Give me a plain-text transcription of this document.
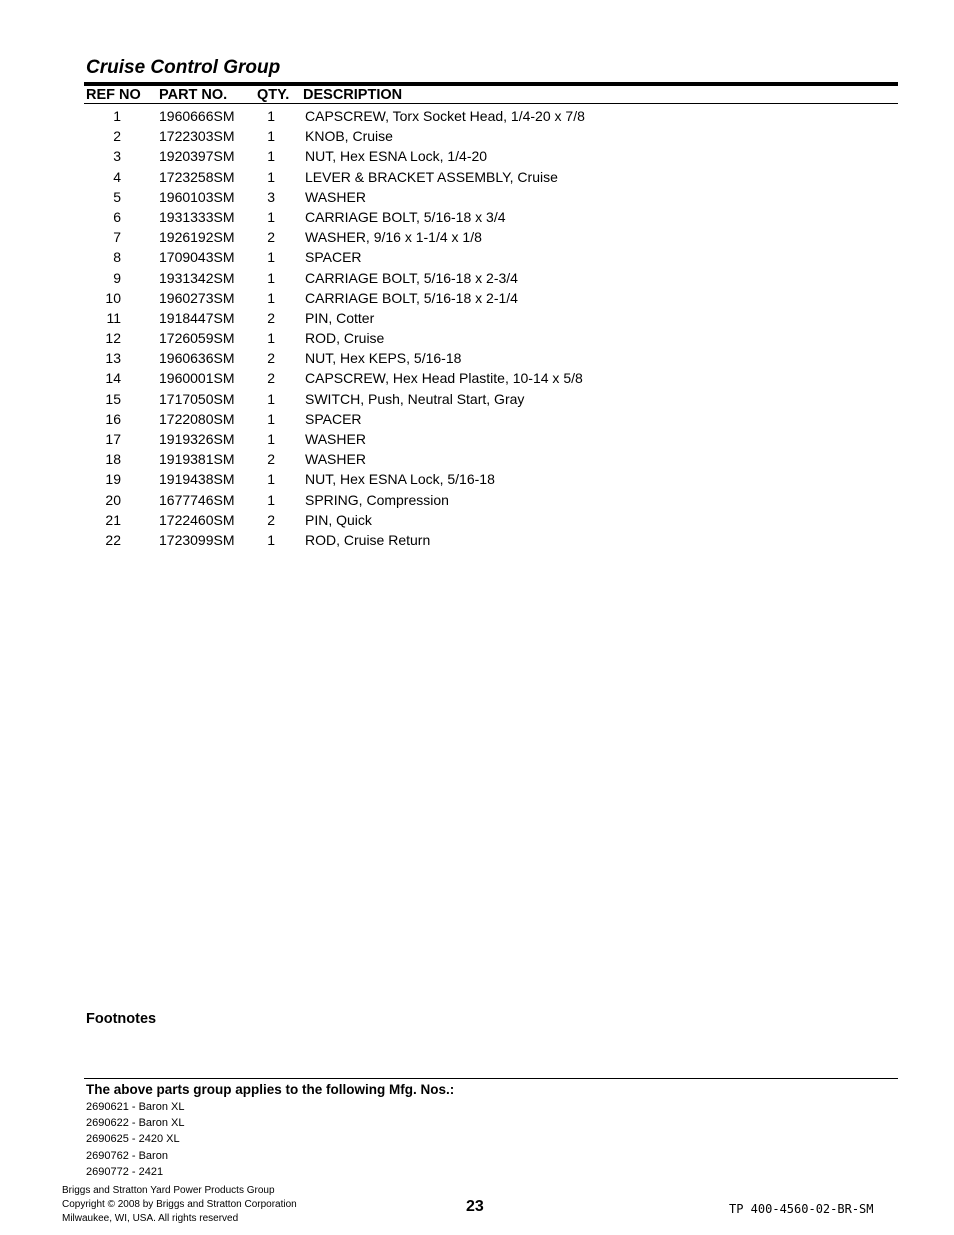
Cruise Control Group
REF NO PART NO. QTY. DESCRIPTION
1	1960666SM	1 CAPSCREW, Torx Socket Head, 1/4-20 x 7/8
2	1722303SM	1 KNOB, Cruise
3	1920397SM	1 NUT, Hex ESNA Lock, 1/4-20
4	1723258SM	1 LEVER & BRACKET ASSEMBLY, Cruise
5	1960103SM	3 WASHER
6	1931333SM	1 CARRIAGE BOLT, 5/16-18 x 3/4
7	1926192SM	2 WASHER, 9/16 x 1-1/4 x 1/8
8	1709043SM	1 SPACER
9	1931342SM	1 CARRIAGE BOLT, 5/16-18 x 2-3/4
10	1960273SM	1 CARRIAGE BOLT, 5/16-18 x 2-1/4
11	1918447SM	2 PIN, Cotter
12	1726059SM	1 ROD, Cruise
13	1960636SM	2 NUT, Hex KEPS, 5/16-18
14	1960001SM	2 CAPSCREW, Hex Head Plastite, 10-14 x 5/8
15	1717050SM	1 SWITCH, Push, Neutral Start, Gray
16	1722080SM	1 SPACER
17	1919326SM	1 WASHER
18	1919381SM	2 WASHER
19	1919438SM	1 NUT, Hex ESNA Lock, 5/16-18
20	1677746SM	1 SPRING, Compression
21	1722460SM	2 PIN, Quick
22	1723099SM	1 ROD, Cruise Return
Footnotes
The above parts group applies to the following Mfg. Nos.:
2690621 - Baron XL
2690622 - Baron XL
2690625 - 2420 XL
2690762 - Baron
2690772 - 2421
Briggs and Stratton Yard Power Products Group
Copyright © 2008 by Briggs and Stratton Corporation
Milwaukee, WI, USA. All rights reserved
23	TP 400-4560-02-BR-SM
